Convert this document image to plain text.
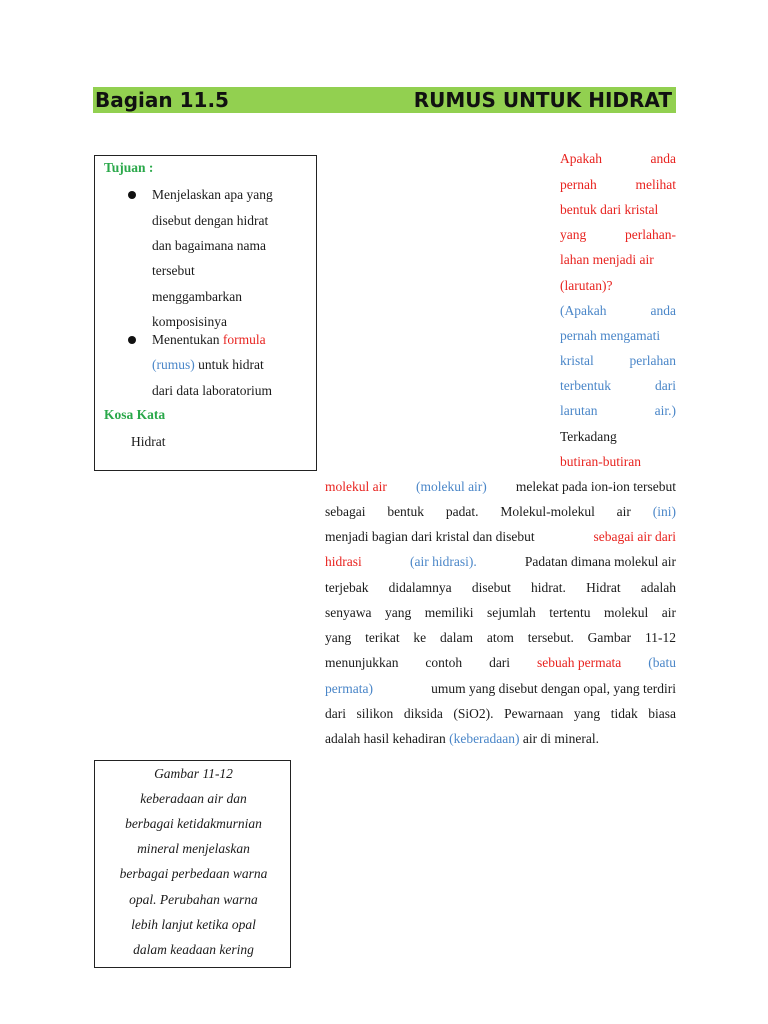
Bagian 11.5	RUMUS UNTUK HIDRAT
Tujuan :
Menjelaskan apa yang
disebut dengan hidrat
dan bagaimana nama
tersebut
menggambarkan
komposisinya
Menentukan formula
(rumus) untuk hidrat
dari data laboratorium
Kosa Kata
Hidrat
Apakah	anda
pernah	melihat
bentuk dari kristal
yang	perlahan-
lahan menjadi air
(larutan)?
(Apakah	anda
pernah mengamati
kristal	perlahan
terbentuk	dari
larutan	air.)
Terkadang
butiran-butiran
molekul air (molekul air) melekat pada ion-ion tersebut
sebagai bentuk padat. Molekul-molekul air (ini)
menjadi bagian dari kristal dan disebut	sebagai air dari
hidrasi	(air hidrasi).	Padatan dimana molekul air
terjebak didalamnya disebut hidrat. Hidrat adalah
senyawa yang memiliki sejumlah tertentu molekul air
yang terikat ke dalam atom tersebut. Gambar 11-12
menunjukkan contoh dari sebuah permata (batu
permata)	umum yang disebut dengan opal, yang terdiri
dari silikon diksida (SiO2). Pewarnaan yang tidak biasa
adalah hasil kehadiran (keberadaan) air di mineral.
Gambar 11-12
keberadaan air dan
berbagai ketidakmurnian
mineral menjelaskan
berbagai perbedaan warna
opal. Perubahan warna
lebih lanjut ketika opal
dalam keadaan kering
